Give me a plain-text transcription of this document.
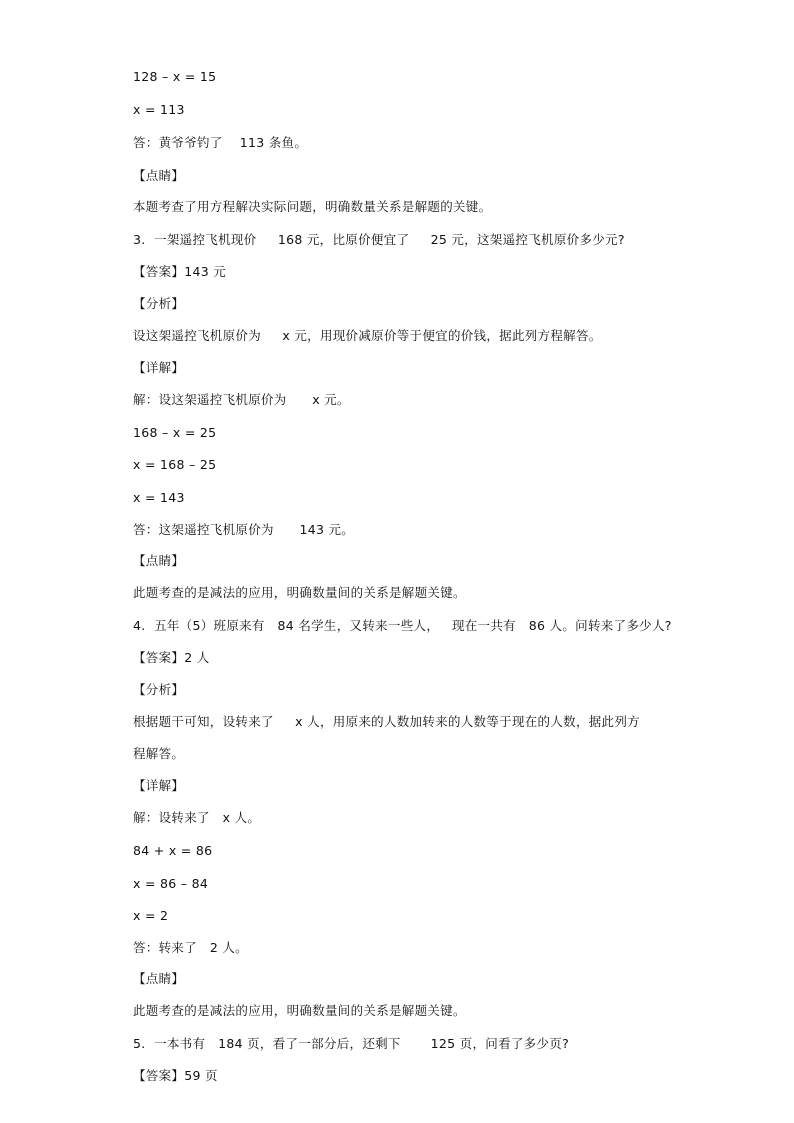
128 – x = 15
x = 113
答：黄爷爷钓了    113 条鱼。
【点睛】
本题考查了用方程解决实际问题，明确数量关系是解题的关键。
3.  一架遥控飞机现价     168 元，比原价便宜了     25 元，这架遥控飞机原价多少元?
【答案】143 元
【分析】
设这架遥控飞机原价为     x 元，用现价减原价等于便宜的价钱，据此列方程解答。
【详解】
解：设这架遥控飞机原价为      x 元。
168 – x = 25
x = 168 – 25
x = 143
答：这架遥控飞机原价为      143 元。
【点睛】
此题考查的是减法的应用，明确数量间的关系是解题关键。
4.  五年（5）班原来有   84 名学生，又转来一些人，   现在一共有   86 人。问转来了多少人?
【答案】2 人
【分析】
根据题干可知，设转来了     x 人，用原来的人数加转来的人数等于现在的人数，据此列方
程解答。
【详解】
解：设转来了   x 人。
84 + x = 86
x = 86 – 84
x = 2
答：转来了   2 人。
【点睛】
此题考查的是减法的应用，明确数量间的关系是解题关键。
5.  一本书有   184 页，看了一部分后，还剩下       125 页，问看了多少页?
【答案】59 页
